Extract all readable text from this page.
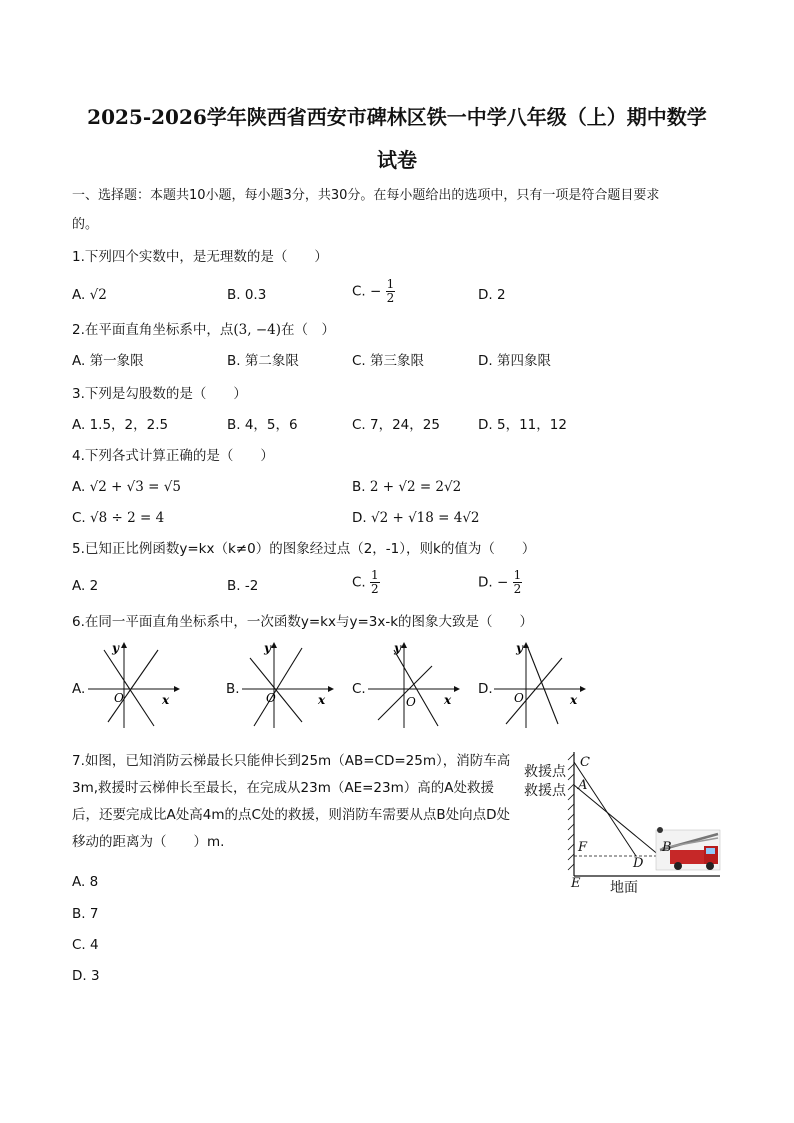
2025-2026学年陕西省西安市碑林区铁一中学八年级（上）期中数学
试卷
一、选择题：本题共10小题，每小题3分，共30分。在每小题给出的选项中，只有一项是符合题目要求
的。
1.下列四个实数中，是无理数的是（　　）
A. √2	B. 0.3	C. − $\frac{1}{2}$	D. 2
2.在平面直角坐标系中，点(3, −4)在（　）
A. 第一象限	B. 第二象限	C. 第三象限	D. 第四象限
3.下列是勾股数的是（　　）
A. 1.5，2，2.5	B. 4，5，6	C. 7，24，25	D. 5，11，12
4.下列各式计算正确的是（　　）
A. √2 + √3 = √5	B. 2 + √2 = 2√2
C. √8 ÷ 2 = 4	D. √2 + √18 = 4√2
5.已知正比例函数y=kx（k≠0）的图象经过点（2，-1），则k的值为（　　）
A. 2	B. -2	C. $\frac{1}{2}$	D. − $\frac{1}{2}$
6.在同一平面直角坐标系中，一次函数y=kx与y=3x-k的图象大致是（　　）
A.
y
x
O
B.
y
x
O
C.
y
x
O
D.
y
x
O
7.如图，已知消防云梯最长只能伸长到25m（AB=CD=25m），消防车高3m,救援时云梯伸长至最长，在完成从23m（AE=23m）高的A处救援后，还要完成比A处高4m的点C处的救援，则消防车需要从点B处向点D处移动的距离为（　　）m.
A. 8
B. 7
C. 4
D. 3
救援点
救援点
C
A
F
D
B
E 地面
